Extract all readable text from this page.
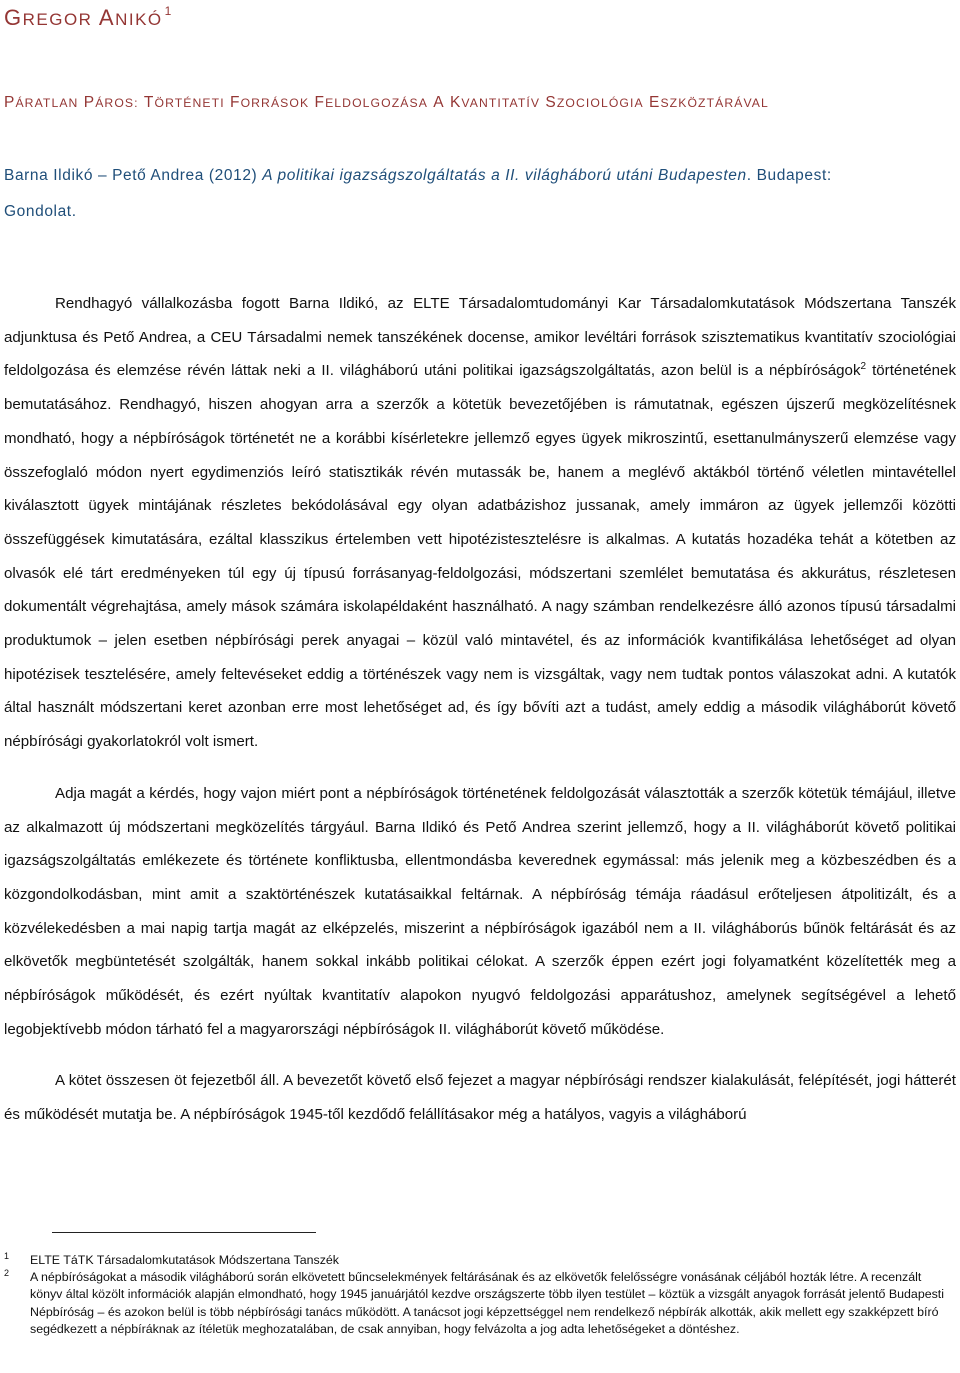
GREGOR ANIKÓ $^1$
PÁRATLAN PÁROS: TÖRTÉNETI FORRÁSOK FELDOLGOZÁSA A KVANTITATÍV SZOCIOLÓGIA ESZKÖZTÁRÁVAL
Barna Ildikó – Pető Andrea (2012) A politikai igazságszolgáltatás a II. világháború utáni Budapesten. Budapest: Gondolat.

Rendhagyó vállalkozásba fogott Barna Ildikó, az ELTE Társadalomtudományi Kar Társadalomkutatások Módszertana Tanszék adjunktusa és Pető Andrea, a CEU Társadalmi nemek tanszékének docense, amikor levéltári források szisztematikus kvantitatív szociológiai feldolgozása és elemzése révén láttak neki a II. világháború utáni politikai igazságszolgáltatás, azon belül is a népbíróságok$^2$ történetének bemutatásához. Rendhagyó, hiszen ahogyan arra a szerzők a kötetük bevezetőjében is rámutatnak, egészen újszerű megközelítésnek mondható, hogy a népbíróságok történetét ne a korábbi kísérletekre jellemző egyes ügyek mikroszintű, esettanulmányszerű elemzése vagy összefoglaló módon nyert egydimenziós leíró statisztikák révén mutassák be, hanem a meglévő aktákból történő véletlen mintavétellel kiválasztott ügyek mintájának részletes bekódolásával egy olyan adatbázishoz jussanak, amely immáron az ügyek jellemzői közötti összefüggések kimutatására, ezáltal klasszikus értelemben vett hipotézistesztelésre is alkalmas. A kutatás hozadéka tehát a kötetben az olvasók elé tárt eredményeken túl egy új típusú forrásanyag-feldolgozási, módszertani szemlélet bemutatása és akkurátus, részletesen dokumentált végrehajtása, amely mások számára iskolapéldaként használható. A nagy számban rendelkezésre álló azonos típusú társadalmi produktumok – jelen esetben népbírósági perek anyagai – közül való mintavétel, és az információk kvantifikálása lehetőséget ad olyan hipotézisek tesztelésére, amely feltevéseket eddig a történészek vagy nem is vizsgáltak, vagy nem tudtak pontos válaszokat adni. A kutatók által használt módszertani keret azonban erre most lehetőséget ad, és így bővíti azt a tudást, amely eddig a második világháborút követő népbírósági gyakorlatokról volt ismert.

Adja magát a kérdés, hogy vajon miért pont a népbíróságok történetének feldolgozását választották a szerzők kötetük témájául, illetve az alkalmazott új módszertani megközelítés tárgyául. Barna Ildikó és Pető Andrea szerint jellemző, hogy a II. világháborút követő politikai igazságszolgáltatás emlékezete és története konfliktusba, ellentmondásba keverednek egymással: más jelenik meg a közbeszédben és a közgondolkodásban, mint amit a szaktörténészek kutatásaikkal feltárnak. A népbíróság témája ráadásul erőteljesen átpolitizált, és a közvélekedésben a mai napig tartja magát az elképzelés, miszerint a népbíróságok igazából nem a II. világháborús bűnök feltárását és az elkövetők megbüntetését szolgálták, hanem sokkal inkább politikai célokat. A szerzők éppen ezért jogi folyamatként közelítették meg a népbíróságok működését, és ezért nyúltak kvantitatív alapokon nyugvó feldolgozási apparátushoz, amelynek segítségével a lehető legobjektívebb módon tárható fel a magyarországi népbíróságok II. világháborút követő működése.

A kötet összesen öt fejezetből áll. A bevezetőt követő első fejezet a magyar népbírósági rendszer kialakulását, felépítését, jogi hátterét és működését mutatja be. A népbíróságok 1945-től kezdődő felállításakor még a hatályos, vagyis a világháború

1 ELTE TáTK Társadalomkutatások Módszertana Tanszék
2 A népbíróságokat a második világháború során elkövetett bűncselekmények feltárásának és az elkövetők felelősségre vonásának céljából hozták létre. A recenzált könyv által közölt információk alapján elmondható, hogy 1945 januárjától kezdve országszerte több ilyen testület – köztük a vizsgált anyagok forrását jelentő Budapesti Népbíróság – és azokon belül is több népbírósági tanács működött. A tanácsot jogi képzettséggel nem rendelkező népbírák alkották, akik mellett egy szakképzett bíró segédkezett a népbíráknak az ítéletük meghozatalában, de csak annyiban, hogy felvázolta a jog adta lehetőségeket a döntéshez.
